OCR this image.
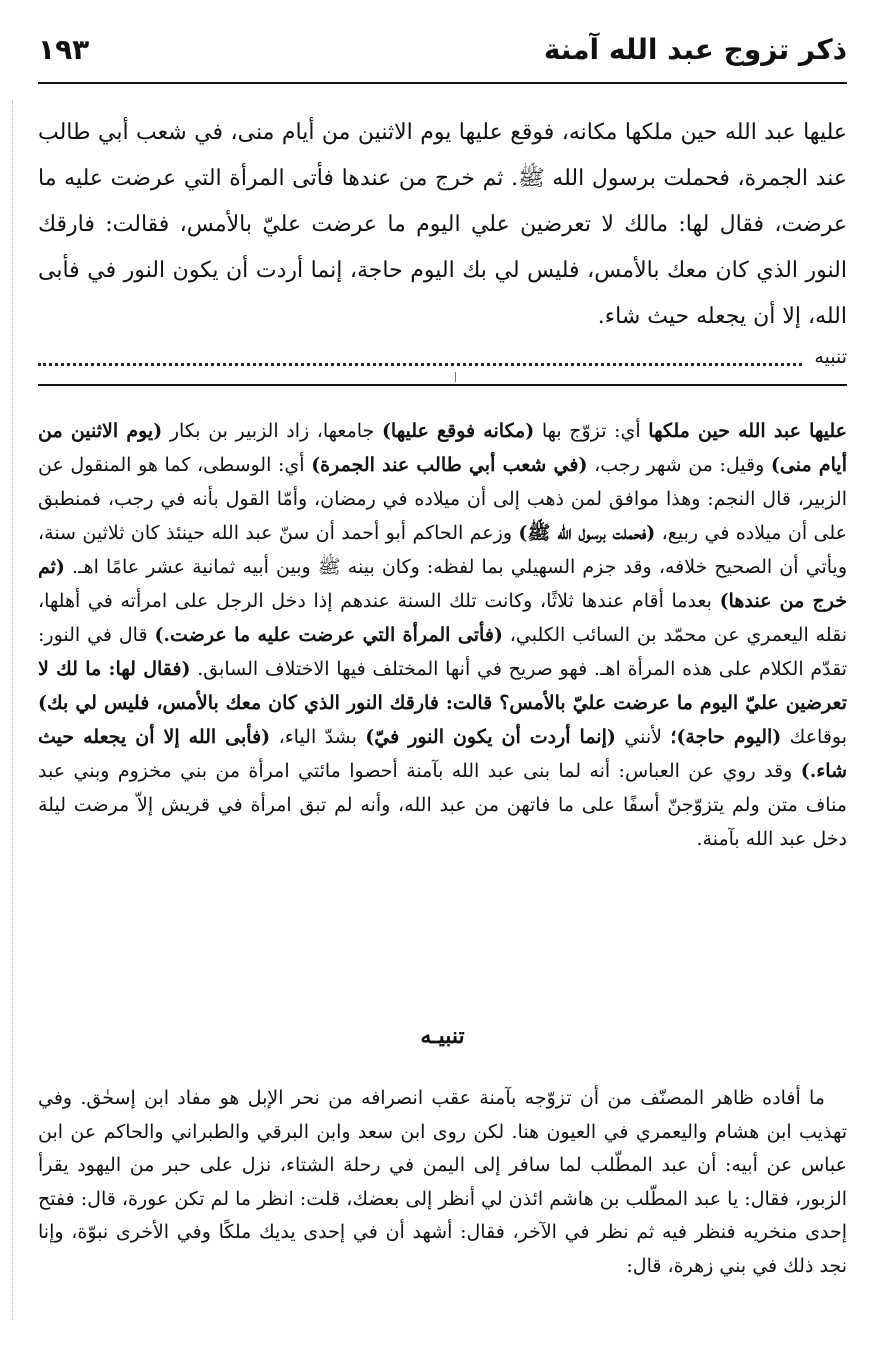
ذكر تزوج عبد الله آمنة
١٩٣

عليها عبد الله حين ملكها مكانه، فوقع عليها يوم الاثنين من أيام منى، في شعب أبي طالب عند الجمرة، فحملت برسول الله ﷺ. ثم خرج من عندها فأتى المرأة التي عرضت عليه ما عرضت، فقال لها: مالك لا تعرضين علي اليوم ما عرضت عليّ بالأمس، فقالت: فارقك النور الذي كان معك بالأمس، فليس لي بك اليوم حاجة، إنما أردت أن يكون النور في فأبى الله، إلا أن يجعله حيث شاء.

تنبيه

عليها عبد الله حين ملكها أي: تزوّج بها (مكانه فوقع عليها) جامعها، زاد الزبير بن بكار (يوم الاثنين من أيام منى) وقيل: من شهر رجب، (في شعب أبي طالب عند الجمرة) أي: الوسطى، كما هو المنقول عن الزبير، قال النجم: وهذا موافق لمن ذهب إلى أن ميلاده في رمضان، وأمّا القول بأنه في رجب، فمنطبق على أن ميلاده في ربيع، (فحملت برسول الله ﷺ) وزعم الحاكم أبو أحمد أن سنّ عبد الله حينئذ كان ثلاثين سنة، ويأتي أن الصحيح خلافه، وقد جزم السهيلي بما لفظه: وكان بينه ﷺ وبين أبيه ثمانية عشر عامًا اهـ. (ثم خرج من عندها) بعدما أقام عندها ثلاثًا، وكانت تلك السنة عندهم إذا دخل الرجل على امرأته في أهلها، نقله اليعمري عن محمّد بن السائب الكلبي، (فأتى المرأة التي عرضت عليه ما عرضت.) قال في النور: تقدّم الكلام على هذه المرأة اهـ. فهو صريح في أنها المختلف فيها الاختلاف السابق. (فقال لها: ما لك لا تعرضين عليّ اليوم ما عرضت عليّ بالأمس؟ قالت: فارقك النور الذي كان معك بالأمس، فليس لي بك) بوقاعك (اليوم حاجة)؛ لأنني (إنما أردت أن يكون النور فيّ) بشدّ الياء، (فأبى الله إلا أن يجعله حيث شاء.) وقد روي عن العباس: أنه لما بنى عبد الله بآمنة أحصوا مائتي امرأة من بني مخزوم وبني عبد مناف متن ولم يتزوّجنّ أسفًا على ما فاتهن من عبد الله، وأنه لم تبق امرأة في قريش إلاّ مرضت ليلة دخل عبد الله بآمنة.

تنبيـه

ما أفاده ظاهر المصنّف من أن تزوّجه بآمنة عقب انصرافه من نحر الإبل هو مفاد ابن إسحٰق. وفي تهذيب ابن هشام واليعمري في العيون هنا. لكن روى ابن سعد وابن البرقي والطبراني والحاكم عن ابن عباس عن أبيه: أن عبد المطّلب لما سافر إلى اليمن في رحلة الشتاء، نزل على حبر من اليهود يقرأ الزبور، فقال: يا عبد المطّلب بن هاشم ائذن لي أنظر إلى بعضك، قلت: انظر ما لم تكن عورة، قال: ففتح إحدى منخريه فنظر فيه ثم نظر في الآخر، فقال: أشهد أن في إحدى يديك ملكًا وفي الأخرى نبوّة، وإنا نجد ذلك في بني زهرة، قال:
